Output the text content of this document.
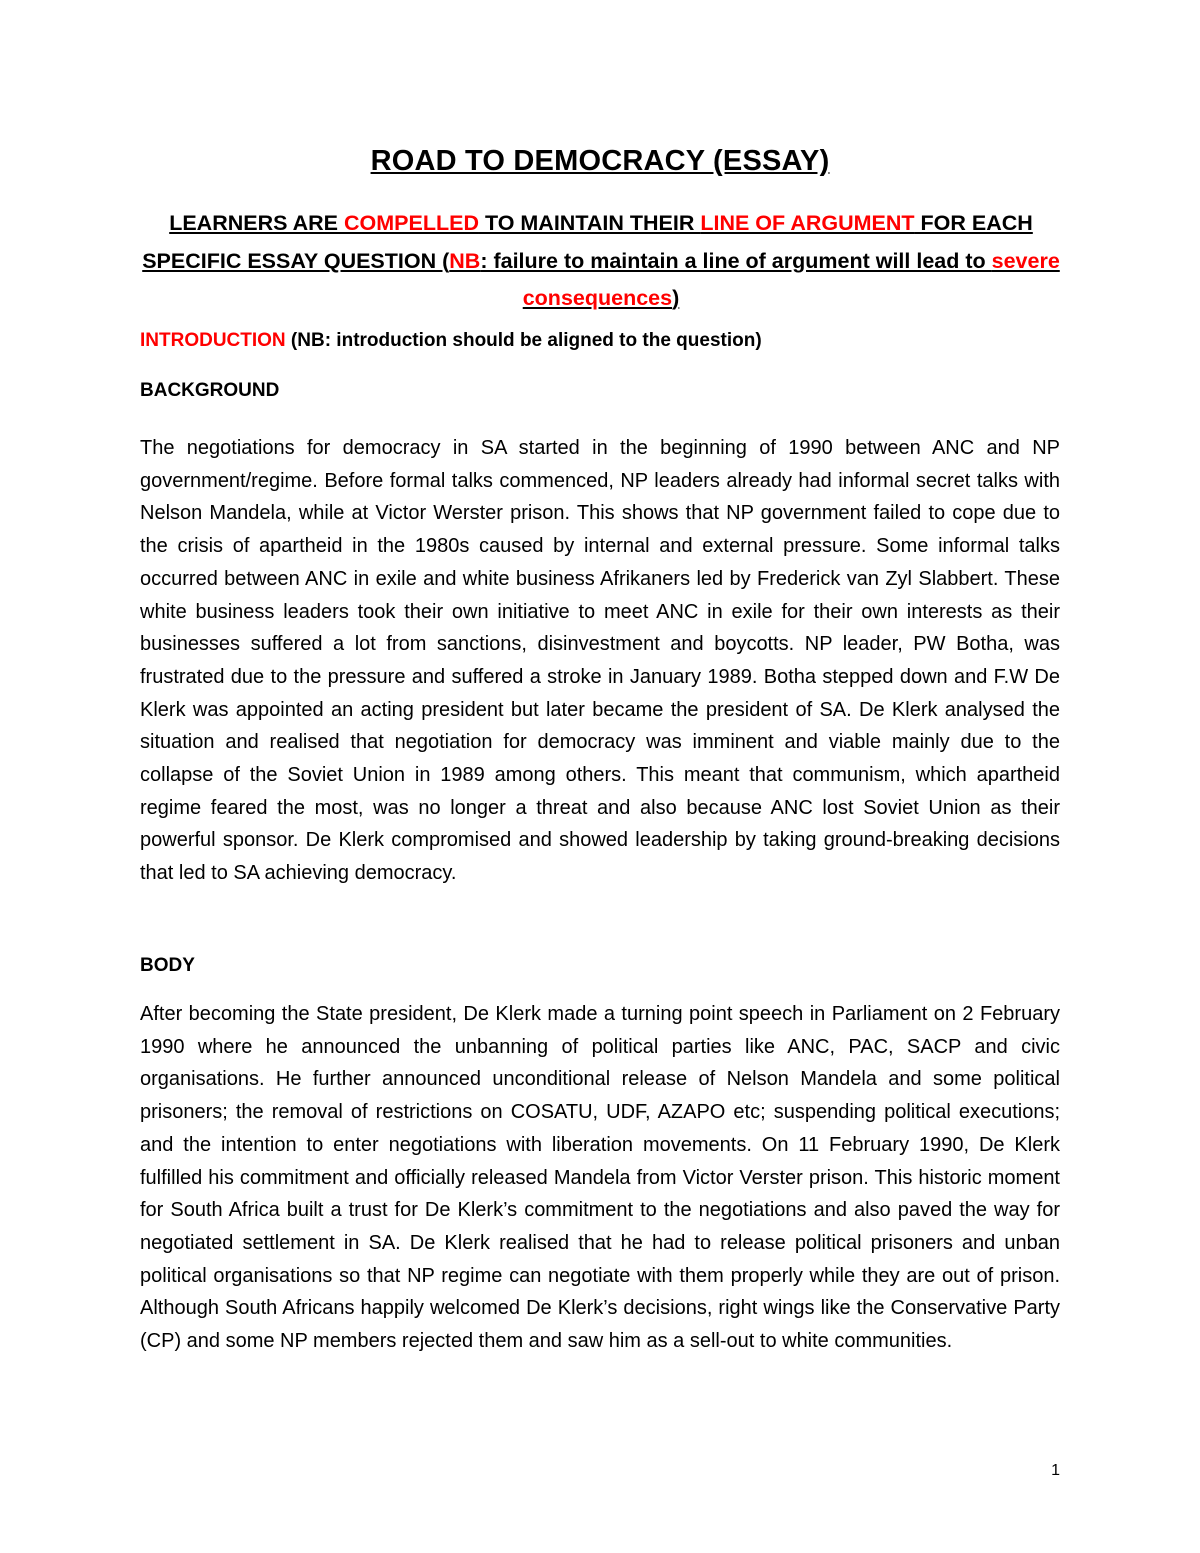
ROAD TO DEMOCRACY (ESSAY)
LEARNERS ARE COMPELLED TO MAINTAIN THEIR LINE OF ARGUMENT FOR EACH SPECIFIC ESSAY QUESTION (NB: failure to maintain a line of argument will lead to severe consequences)
INTRODUCTION (NB: introduction should be aligned to the question)
BACKGROUND

The negotiations for democracy in SA started in the beginning of 1990 between ANC and NP government/regime. Before formal talks commenced, NP leaders already had informal secret talks with Nelson Mandela, while at Victor Werster prison. This shows that NP government failed to cope due to the crisis of apartheid in the 1980s caused by internal and external pressure. Some informal talks occurred between ANC in exile and white business Afrikaners led by Frederick van Zyl Slabbert. These white business leaders took their own initiative to meet ANC in exile for their own interests as their businesses suffered a lot from sanctions, disinvestment and boycotts. NP leader, PW Botha, was frustrated due to the pressure and suffered a stroke in January 1989. Botha stepped down and F.W De Klerk was appointed an acting president but later became the president of SA. De Klerk analysed the situation and realised that negotiation for democracy was imminent and viable mainly due to the collapse of the Soviet Union in 1989 among others. This meant that communism, which apartheid regime feared the most, was no longer a threat and also because ANC lost Soviet Union as their powerful sponsor. De Klerk compromised and showed leadership by taking ground-breaking decisions that led to SA achieving democracy.

BODY

After becoming the State president, De Klerk made a turning point speech in Parliament on 2 February 1990 where he announced the unbanning of political parties like ANC, PAC, SACP and civic organisations. He further announced unconditional release of Nelson Mandela and some political prisoners; the removal of restrictions on COSATU, UDF, AZAPO etc; suspending political executions; and the intention to enter negotiations with liberation movements. On 11 February 1990, De Klerk fulfilled his commitment and officially released Mandela from Victor Verster prison. This historic moment for South Africa built a trust for De Klerk’s commitment to the negotiations and also paved the way for negotiated settlement in SA. De Klerk realised that he had to release political prisoners and unban political organisations so that NP regime can negotiate with them properly while they are out of prison. Although South Africans happily welcomed De Klerk’s decisions, right wings like the Conservative Party (CP) and some NP members rejected them and saw him as a sell-out to white communities.

1
